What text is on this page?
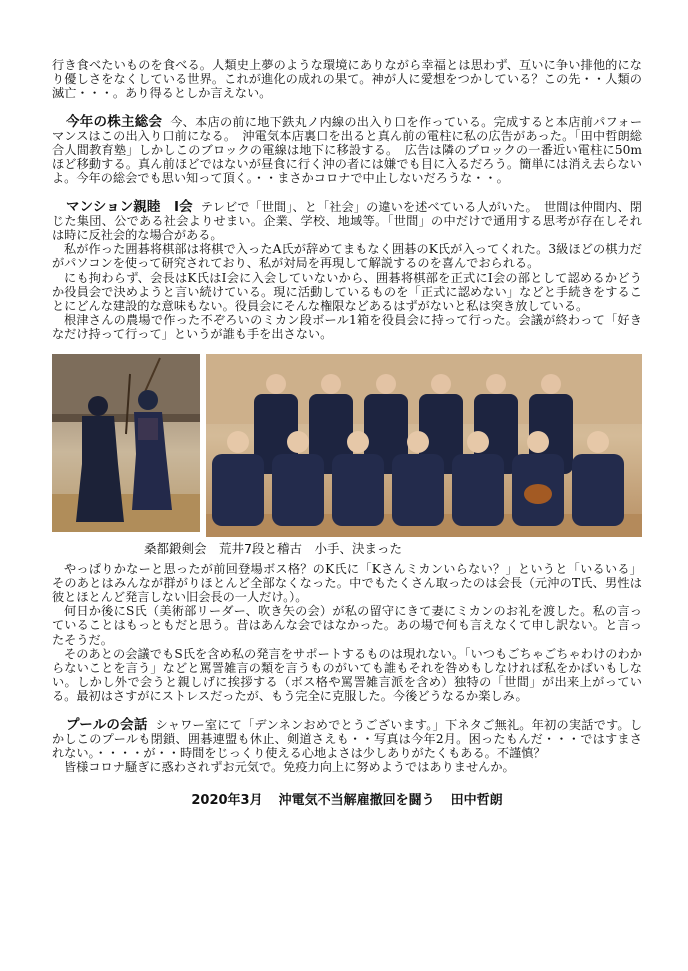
行き食べたいものを食べる。人類史上夢のような環境にありながら幸福とは思わず、互いに争い排他的になり優しさをなくしている世界。これが進化の成れの果て。神が人に愛想をつかしている？この先・・人類の滅亡・・・。あり得るとしか言えない。

今年の株主総会 今、本店の前に地下鉄丸ノ内線の出入り口を作っている。完成すると本店前パフォーマンスはこの出入り口前になる。　沖電気本店裏口を出ると真ん前の電柱に私の広告があった。「田中哲朗総合人間教育塾」しかしこのブロックの電線は地下に移設する。　広告は隣のブロックの一番近い電柱に50mほど移動する。真ん前ほどではないが昼食に行く沖の者には嫌でも目に入るだろう。簡単には消え去らないよ。今年の総会でも思い知って頂く。・・まさかコロナで中止しないだろうな・・。

マンション親睦　I会 テレビで「世間」、と「社会」の違いを述べている人がいた。　世間は仲間内、閉じた集団、公である社会よりせまい。企業、学校、地域等。「世間」の中だけで通用する思考が存在しそれは時に反社会的な場合がある。

私が作った囲碁将棋部は将棋で入ったA氏が辞めてまもなく囲碁のK氏が入ってくれた。3級ほどの棋力だがパソコンを使って研究されており、私が対局を再現して解説するのを喜んでおられる。

にも拘わらず、会長はK氏はI会に入会していないから、囲碁将棋部を正式にI会の部として認めるかどうか役員会で決めようと言い続けている。現に活動しているものを「正式に認めない」などと手続きをすることにどんな建設的な意味もない。役員会にそんな権限などあるはずがないと私は突き放している。

根津さんの農場で作った不ぞろいのミカン段ボール1箱を役員会に持って行った。会議が終わって「好きなだけ持って行って」というが誰も手を出さない。

桑都鍛剣会　 荒井7段と稽古　 小手、決まった

やっぱりかなーと思ったが前回登場ボス格？のK氏に「Kさんミカンいらない？」というと「いるいる」そのあとはみんなが群がりほとんど全部なくなった。中でもたくさん取ったのは会長（元沖のT氏、男性は彼とほとんど発言しない旧会長の一人だけ。）。

何日か後にS氏（美術部リーダー、吹き矢の会）が私の留守にきて妻にミカンのお礼を渡した。私の言っていることはもっともだと思う。昔はあんな会ではなかった。あの場で何も言えなくて申し訳ない。と言ったそうだ。

そのあとの会議でもS氏を含め私の発言をサポートするものは現れない。「いつもごちゃごちゃわけのわからないことを言う」などと罵詈雑言の類を言うものがいても誰もそれを咎めもしなければ私をかばいもしない。しかし外で会うと親しげに挨拶する（ボス格や罵詈雑言派を含め）独特の「世間」が出来上がっている。最初はさすがにストレスだったが、もう完全に克服した。今後どうなるか楽しみ。

プールの会話 シャワー室にて「デンネンおめでとうございます。」下ネタご無礼。年初の実話です。しかしこのプールも閉鎖、囲碁連盟も休止、剣道さえも・・写真は今年2月。困ったもんだ・・・ではすまされない。・・・・が・・時間をじっくり使える心地よさは少しありがたくもある。不謹慎？

皆様コロナ騒ぎに惑わされずお元気で。免疫力向上に努めようではありませんか。

2020年3月 沖電気不当解雇撤回を闘う 田中哲朗
